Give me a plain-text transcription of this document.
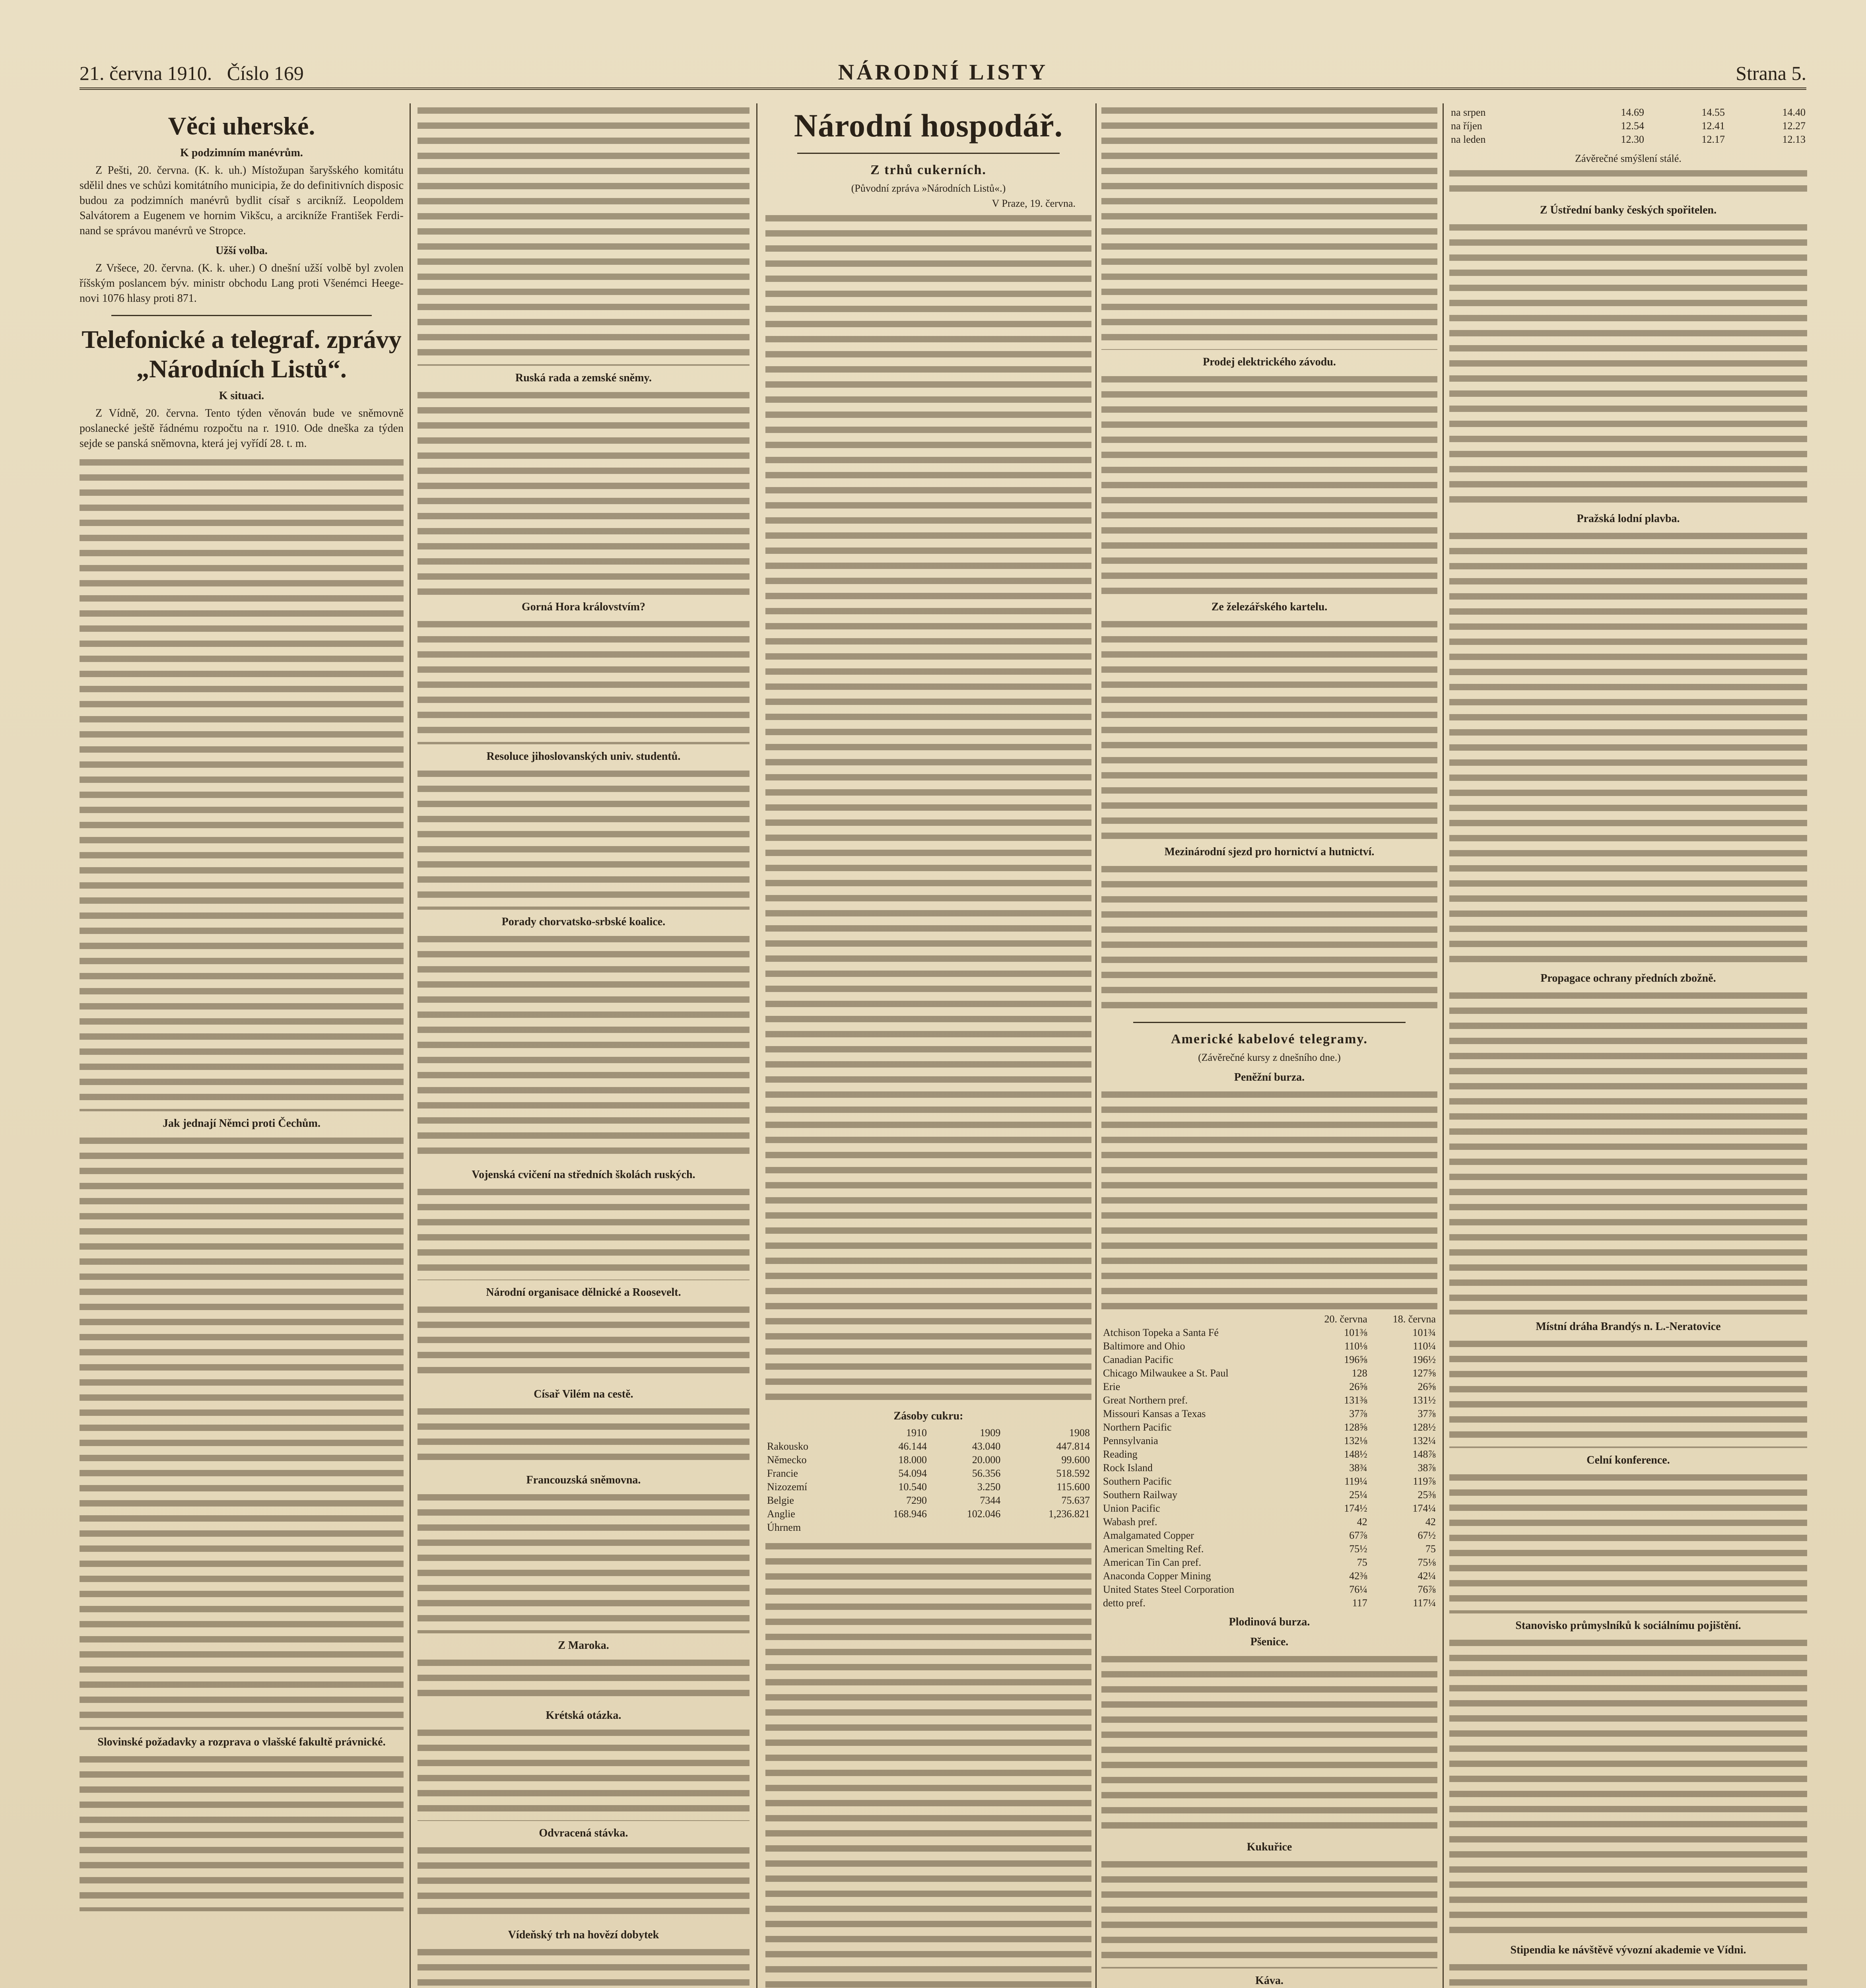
21. června 1910. Číslo 169	NÁRODNÍ LISTY	Strana 5.
Věci uherské.
K podzimním manévrům.

Z Pešti, 20. června. (K. k. uh.) Místožupan šaryšského komitátu sdělil dnes ve schůzi komitátního municipia, že do definitivních disposic budou za podzimních manévrů bydlit císař s arcikníž. Leopoldem Salvátorem a Eugenem ve hornim Vikšcu, a arcikníže František Ferdinand se správou manévrů ve Stropce.

Užší volba.

Z Vršece, 20. června. (K. k. uher.) O dnešní užší volbě byl zvolen říšským poslancem býv. ministr obchodu Lang proti Všenémci Heegenovi 1076 hlasy proti 871.

Telefonické a telegraf. zprávy „Národních Listů“.
K situaci.

Z Vídně, 20. června. Tento týden věnován bude ve sněmovně poslanecké ještě řádnému rozpočtu na r. 1910. Ode dneška za týden sejde se panská sněmovna, která jej vyřídí 28. t. m.

Jak jednají Němci proti Čechům.
Slovinské požadavky a rozprava o vlašské fakultě právnické.
Ruská rada a zemské sněmy.
Gorná Hora královstvím?
Resoluce jihoslovanských univ. studentů.
Porady chorvatsko-srbské koalice.
Vojenská cvičení na středních školách ruských.
Národní organisace dělnické a Roosevelt.
Císař Vilém na cestě.
Francouzská sněmovna.
Z Maroka.
Krétská otázka.
Odvracená stávka.
Vídeňský trh na hovězí dobytek
Národní hospodář.
Z trhů cukerních.
(Původní zpráva »Národních Listů«.)
V Praze, 19. června.
Zásoby cukru:
	1910	1909	1908
Rakousko	46.144	43.040	447.814
Německo	18.000	20.000	99.600
Francie	54.094	56.356	518.592
Nizozemí	10.540	3.250	115.600
Belgie	7290	7344	75.637
Anglie	168.946	102.046	1,236.821
Úhrnem			
Prodej elektrického závodu.
Ze železářského kartelu.
Mezinárodní sjezd pro hornictví a hutnictví.
Americké kabelové telegramy.
(Závěrečné kursy z dnešního dne.)
Peněžní burza.
	20. června	18. června
Atchison Topeka a Santa Fé	101⅜	101¾
Baltimore and Ohio	110⅛	110¼
Canadian Pacific	196⅝	196½
Chicago Milwaukee a St. Paul	128	127⅝
Erie	26⅝	26⅝
Great Northern pref.	131⅜	131½
Missouri Kansas a Texas	37⅞	37⅞
Northern Pacific	128⅝	128½
Pennsylvania	132⅛	132¼
Reading	148½	148⅞
Rock Island	38¾	38⅞
Southern Pacific	119¼	119⅞
Southern Railway	25¼	25⅜
Union Pacific	174½	174¼
Wabash pref.	42	42
Amalgamated Copper	67⅞	67½
American Smelting Ref.	75½	75
American Tin Can pref.	75	75⅛
Anaconda Copper Mining	42⅜	42¼
United States Steel Corporation	76¼	76⅞
detto pref.	117	117¼
Plodinová burza.
Pšenice.
Kukuřice
Káva.
na srpen	14.69	14.55	14.40
na říjen	12.54	12.41	12.27
na leden	12.30	12.17	12.13
Závěrečné smýšlení stálé.
Z Ústřední banky českých spořitelen.
Pražská lodní plavba.
Propagace ochrany předních zbožně.
Místní dráha Brandýs n. L.-Neratovice
Celní konference.
Stanovisko průmyslníků k sociálnímu pojištění.
Stipendia ke návštěvě vývozní akademie ve Vídni.
